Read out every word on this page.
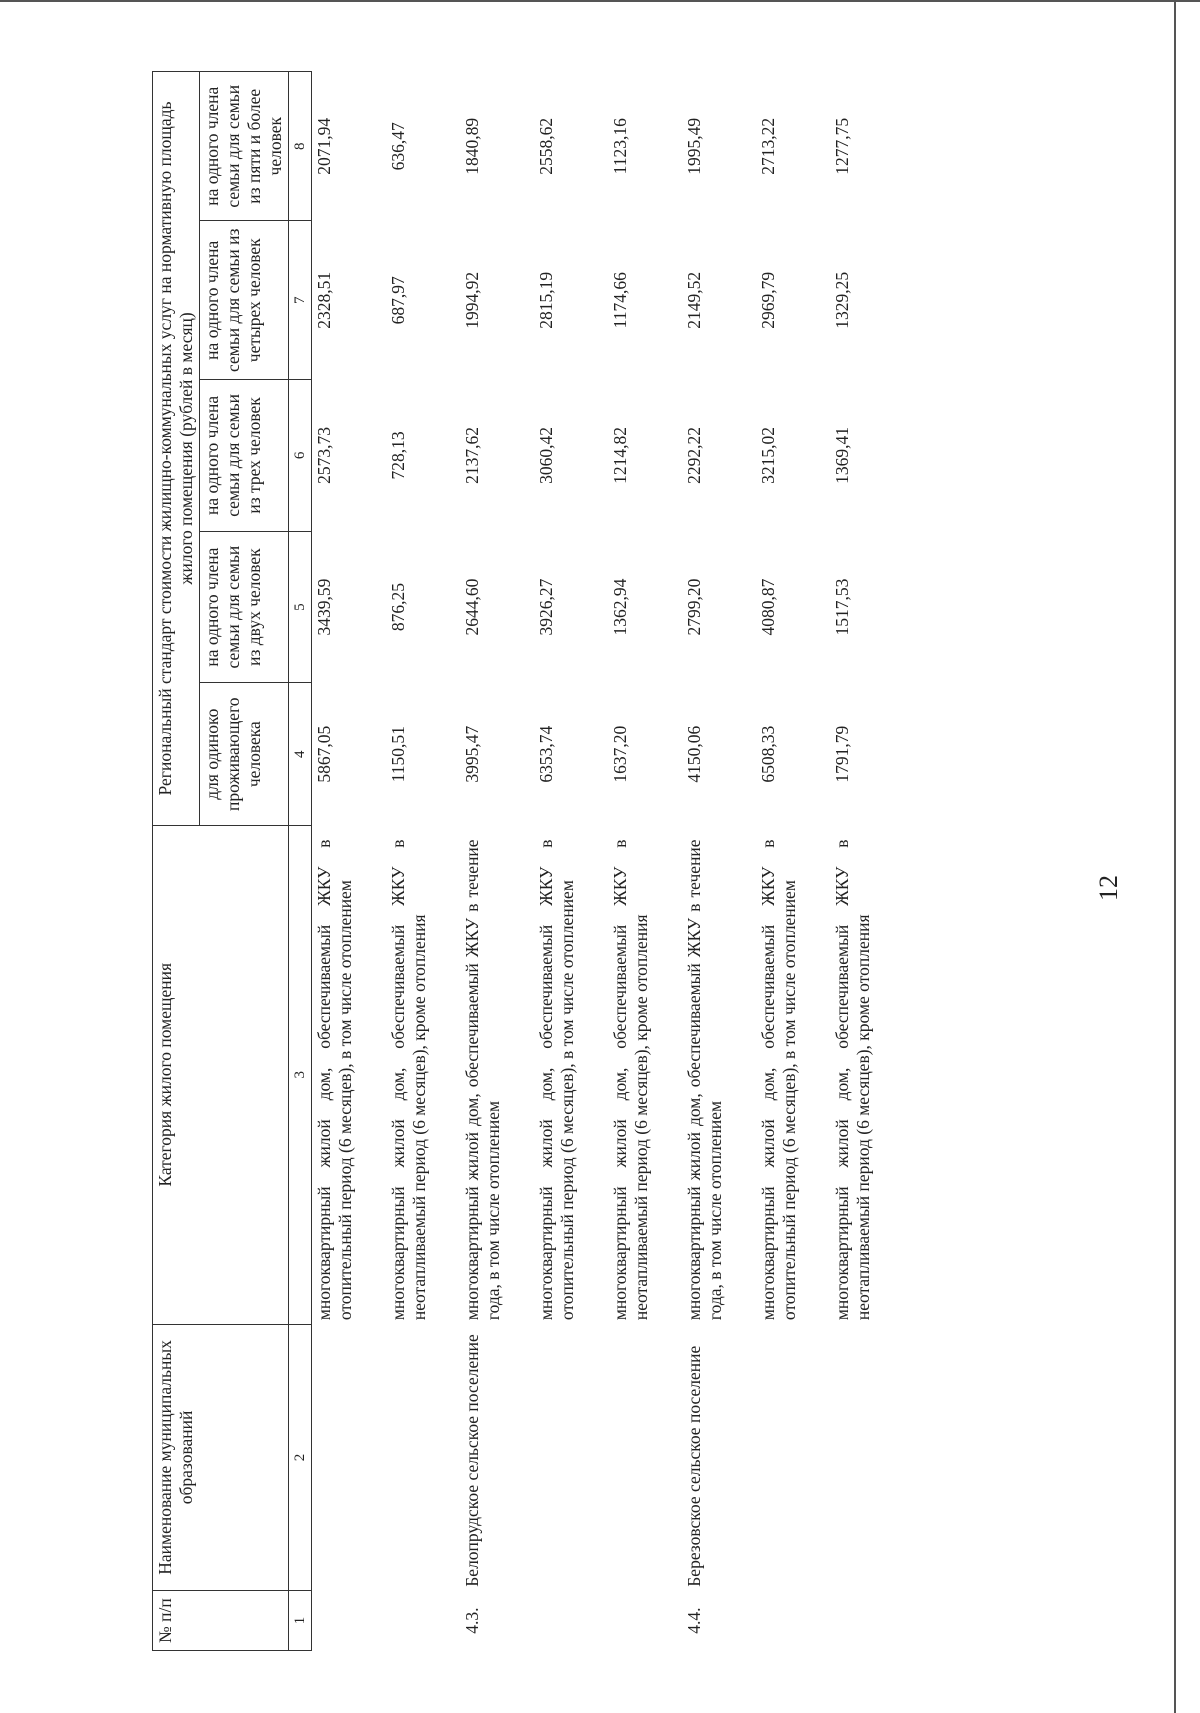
12
№ п/п	Наименование муниципальных образований	Категория жилого помещения	Региональный стандарт стоимости жилищно-коммунальных услуг на нормативную площадь жилого помещения (рублей в месяц)				
			для одиноко проживающего человека	на одного члена семьи для семьи из двух человек	на одного члена семьи для семьи из трех человек	на одного члена семьи для семьи из четырех человек	на одного члена семьи для семьи из пяти и более человек
1	2	3	4	5	6	7	8
		многоквартирный жилой дом, обеспечиваемый ЖКУ в отопительный период (6 месяцев), в том числе отоплением	5867,05	3439,59	2573,73	2328,51	2071,94

		многоквартирный жилой дом, обеспечиваемый ЖКУ в неотапливаемый период (6 месяцев), кроме отопления	1150,51	876,25	728,13	687,97	636,47

4.3.	Белопрудское сельское поселение	многоквартирный жилой дом, обеспечиваемый ЖКУ в течение года, в том числе отоплением	3995,47	2644,60	2137,62	1994,92	1840,89

		многоквартирный жилой дом, обеспечиваемый ЖКУ в отопительный период (6 месяцев), в том числе отоплением	6353,74	3926,27	3060,42	2815,19	2558,62

		многоквартирный жилой дом, обеспечиваемый ЖКУ в неотапливаемый период (6 месяцев), кроме отопления	1637,20	1362,94	1214,82	1174,66	1123,16

4.4.	Березовское сельское поселение	многоквартирный жилой дом, обеспечиваемый ЖКУ в течение года, в том числе отоплением	4150,06	2799,20	2292,22	2149,52	1995,49

		многоквартирный жилой дом, обеспечиваемый ЖКУ в отопительный период (6 месяцев), в том числе отоплением	6508,33	4080,87	3215,02	2969,79	2713,22

		многоквартирный жилой дом, обеспечиваемый ЖКУ в неотапливаемый период (6 месяцев), кроме отопления	1791,79	1517,53	1369,41	1329,25	1277,75
